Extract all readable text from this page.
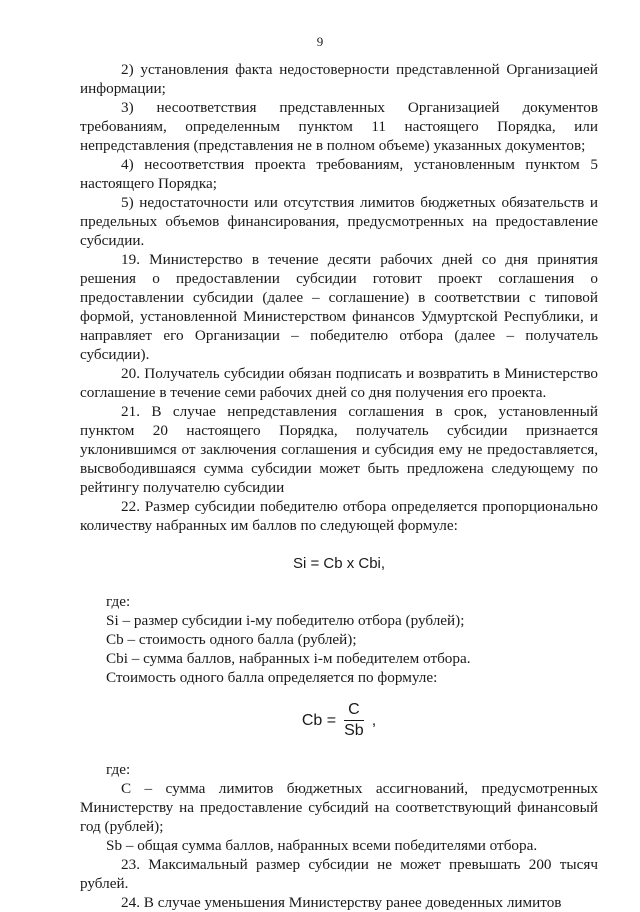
9

2) установления факта недостоверности представленной Организацией информации;

3) несоответствия представленных Организацией документов требованиям, определенным пунктом 11 настоящего Порядка, или непредставления (представления не в полном объеме) указанных документов;

4) несоответствия проекта требованиям, установленным пунктом 5 настоящего Порядка;

5) недостаточности или отсутствия лимитов бюджетных обязательств и предельных объемов финансирования, предусмотренных на предоставление субсидии.

19. Министерство в течение десяти рабочих дней со дня принятия решения о предоставлении субсидии готовит проект соглашения о предоставлении субсидии (далее – соглашение) в соответствии с типовой формой, установленной Министерством финансов Удмуртской Республики, и направляет его Организации – победителю отбора (далее – получатель субсидии).

20. Получатель субсидии обязан подписать и возвратить в Министерство соглашение в течение семи рабочих дней со дня получения его проекта.

21. В случае непредставления соглашения в срок, установленный пунктом 20 настоящего Порядка, получатель субсидии признается уклонившимся от заключения соглашения и субсидия ему не предоставляется, высвободившаяся сумма субсидии может быть предложена следующему по рейтингу получателю субсидии

22. Размер субсидии победителю отбора определяется пропорционально количеству набранных им баллов по следующей формуле:

Si = Cb x Cbi,

где:

Si – размер субсидии i-му победителю отбора (рублей);

Cb – стоимость одного балла (рублей);

Cbi – сумма баллов, набранных i-м победителем отбора.

Стоимость одного балла определяется по формуле:

$Cb = \frac{C}{Sb}$ ,

где:

С – сумма лимитов бюджетных ассигнований, предусмотренных Министерству на предоставление субсидий на соответствующий финансовый год (рублей);

Sb – общая сумма баллов, набранных всеми победителями отбора.

23. Максимальный размер субсидии не может превышать 200 тысяч рублей.

24. В случае уменьшения Министерству ранее доведенных лимитов
